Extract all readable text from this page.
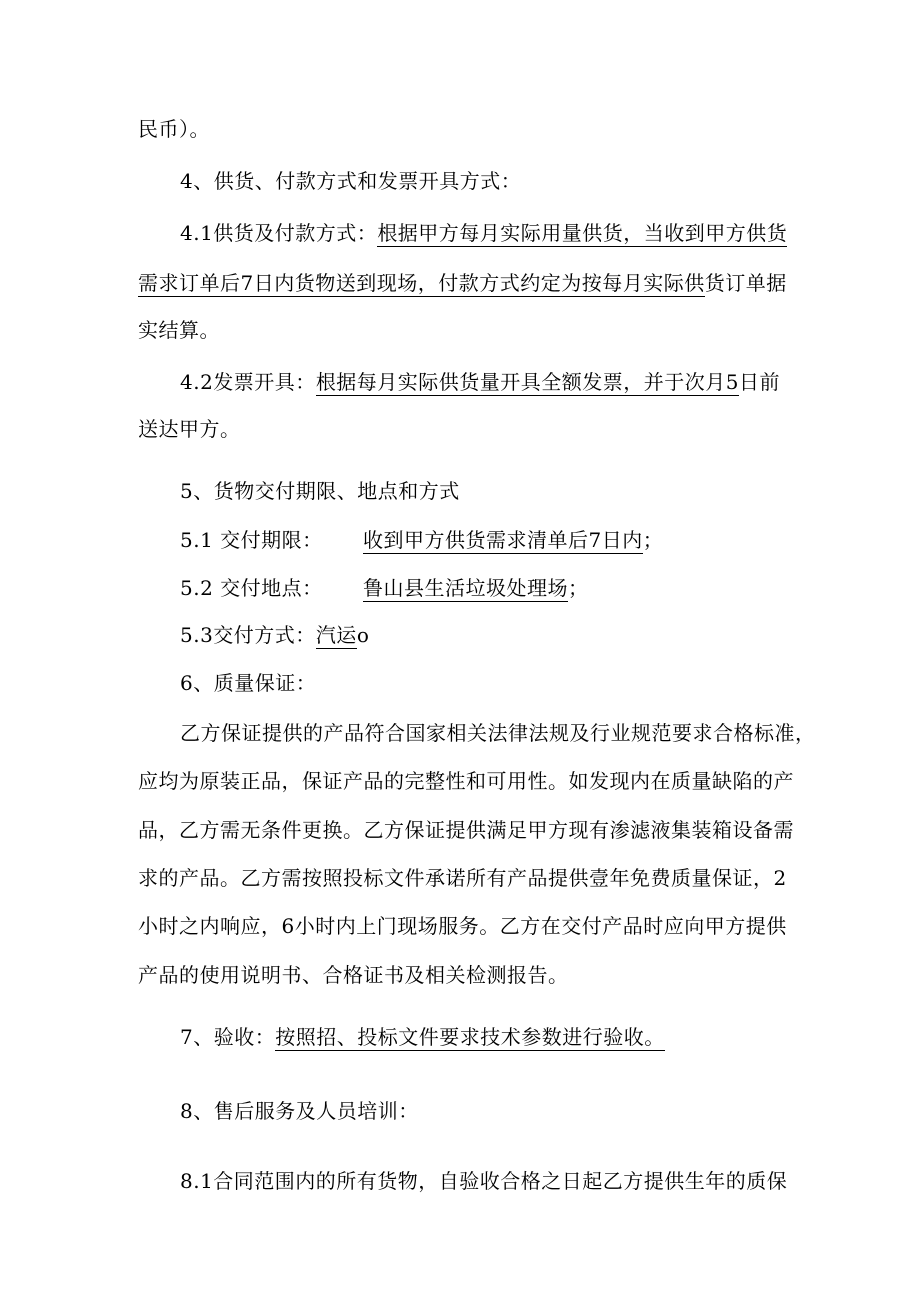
民币）。
4、供货、付款方式和发票开具方式：
4.1供货及付款方式：根据甲方每月实际用量供货，当收到甲方供货
需求订单后7日内货物送到现场，付款方式约定为按每月实际供货订单据
实结算。
4.2发票开具：根据每月实际供货量开具全额发票，并于次月5日前
送达甲方。
5、货物交付期限、地点和方式
5.1 交付期限： 收到甲方供货需求清单后7日内；
5.2 交付地点： 鲁山县生活垃圾处理场；
5.3交付方式：汽运o
6、质量保证：
乙方保证提供的产品符合国家相关法律法规及行业规范要求合格标准，
应均为原装正品，保证产品的完整性和可用性。如发现内在质量缺陷的产
品，乙方需无条件更换。乙方保证提供满足甲方现有渗滤液集装箱设备需
求的产品。乙方需按照投标文件承诺所有产品提供壹年免费质量保证，2
小时之内响应，6小时内上门现场服务。乙方在交付产品时应向甲方提供
产品的使用说明书、合格证书及相关检测报告。
7、验收：按照招、投标文件要求技术参数进行验收。
8、售后服务及人员培训：
8.1合同范围内的所有货物，自验收合格之日起乙方提供生年的质保
